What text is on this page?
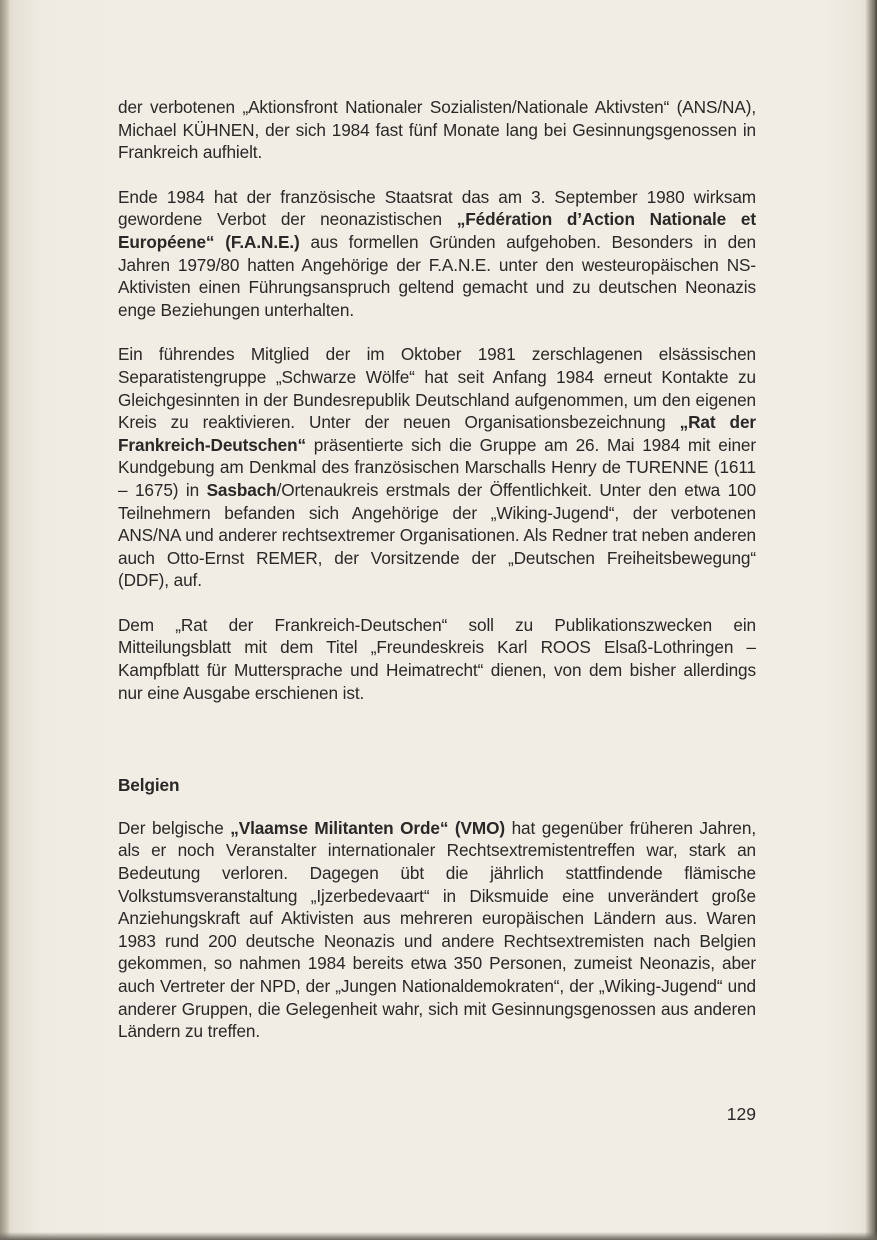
der verbotenen „Aktionsfront Nationaler Sozialisten/Nationale Aktivsten“ (ANS/NA), Michael KÜHNEN, der sich 1984 fast fünf Monate lang bei Gesinnungsgenossen in Frankreich aufhielt.

Ende 1984 hat der französische Staatsrat das am 3. September 1980 wirksam gewordene Verbot der neonazistischen „Fédération d’Action Nationale et Européene“ (F.A.N.E.) aus formellen Gründen aufgehoben. Besonders in den Jahren 1979/80 hatten Angehörige der F.A.N.E. unter den westeuropäischen NS-Aktivisten einen Führungsanspruch geltend gemacht und zu deutschen Neonazis enge Beziehungen unterhalten.

Ein führendes Mitglied der im Oktober 1981 zerschlagenen elsässischen Separatistengruppe „Schwarze Wölfe“ hat seit Anfang 1984 erneut Kontakte zu Gleichgesinnten in der Bundesrepublik Deutschland aufgenommen, um den eigenen Kreis zu reaktivieren. Unter der neuen Organisationsbezeichnung „Rat der Frankreich-Deutschen“ präsentierte sich die Gruppe am 26. Mai 1984 mit einer Kundgebung am Denkmal des französischen Marschalls Henry de TURENNE (1611 – 1675) in Sasbach/Ortenaukreis erstmals der Öffentlichkeit. Unter den etwa 100 Teilnehmern befanden sich Angehörige der „Wiking-Jugend“, der verbotenen ANS/NA und anderer rechtsextremer Organisationen. Als Redner trat neben anderen auch Otto-Ernst REMER, der Vorsitzende der „Deutschen Freiheitsbewegung“ (DDF), auf.

Dem „Rat der Frankreich-Deutschen“ soll zu Publikationszwecken ein Mitteilungsblatt mit dem Titel „Freundeskreis Karl ROOS Elsaß-Lothringen – Kampfblatt für Muttersprache und Heimatrecht“ dienen, von dem bisher allerdings nur eine Ausgabe erschienen ist.

Belgien

Der belgische „Vlaamse Militanten Orde“ (VMO) hat gegenüber früheren Jahren, als er noch Veranstalter internationaler Rechtsextremistentreffen war, stark an Bedeutung verloren. Dagegen übt die jährlich stattfindende flämische Volkstumsveranstaltung „Ijzerbedevaart“ in Diksmuide eine unverändert große Anziehungskraft auf Aktivisten aus mehreren europäischen Ländern aus. Waren 1983 rund 200 deutsche Neonazis und andere Rechtsextremisten nach Belgien gekommen, so nahmen 1984 bereits etwa 350 Personen, zumeist Neonazis, aber auch Vertreter der NPD, der „Jungen Nationaldemokraten“, der „Wiking-Jugend“ und anderer Gruppen, die Gelegenheit wahr, sich mit Gesinnungsgenossen aus anderen Ländern zu treffen.

129
